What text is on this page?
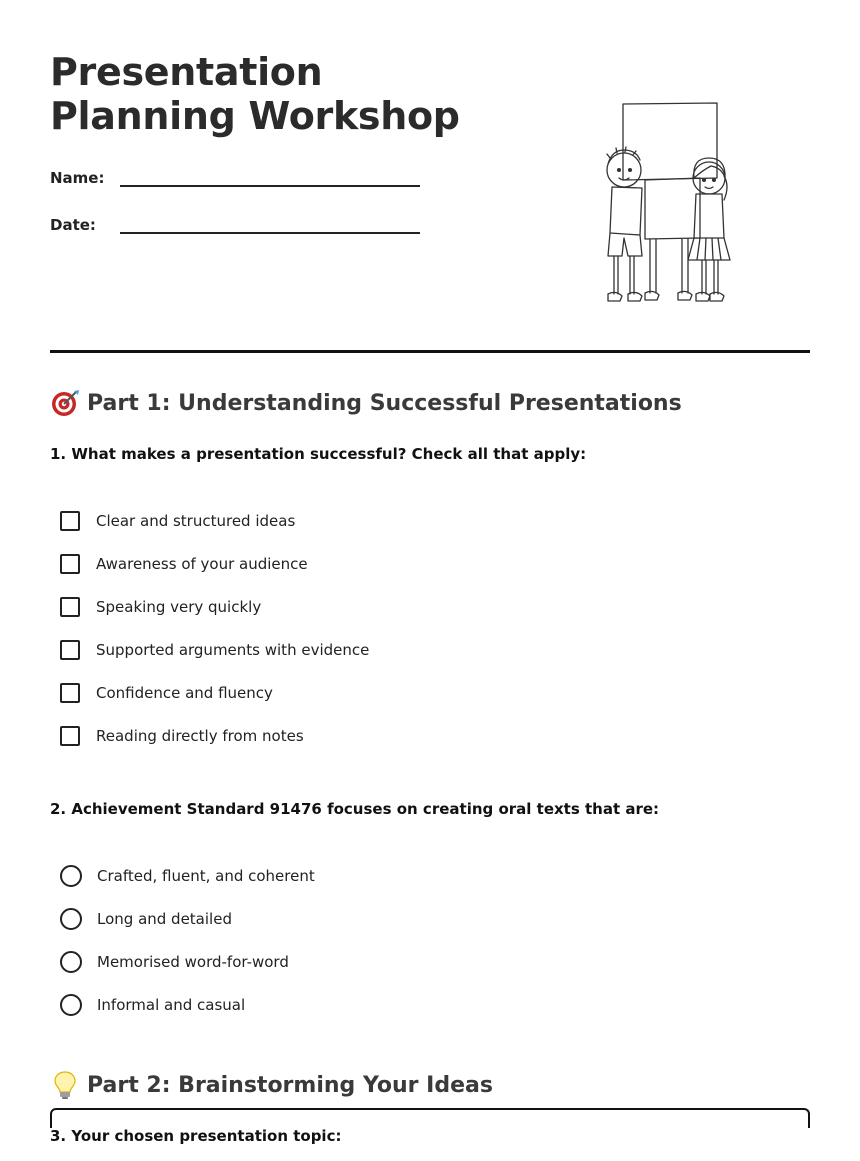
Presentation Planning Workshop
Name:
Date:
Part 1: Understanding Successful Presentations
1. What makes a presentation successful? Check all that apply:
Clear and structured ideas
Awareness of your audience
Speaking very quickly
Supported arguments with evidence
Confidence and fluency
Reading directly from notes
2. Achievement Standard 91476 focuses on creating oral texts that are:
Crafted, fluent, and coherent
Long and detailed
Memorised word-for-word
Informal and casual
Part 2: Brainstorming Your Ideas
3. Your chosen presentation topic:
